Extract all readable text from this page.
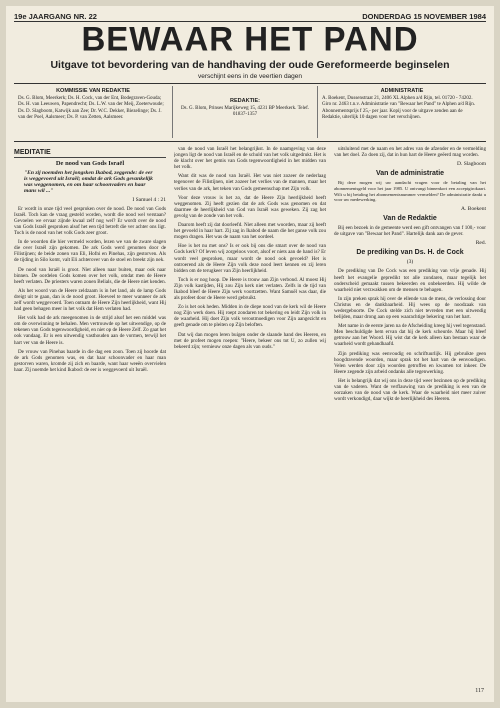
19e JAARGANG NR. 22	DONDERDAG 15 NOVEMBER 1984
BEWAAR HET PAND
Uitgave tot bevordering van de handhaving der oude Gereformeerde beginselen
verschijnt eens in de veertien dagen
KOMMISSIE VAN REDAKTIE
Ds. G. Blom, Meerkerk; Ds. H. Cock, van der Ent, Bodegraven-Gouda; Ds. H. van Leeuwen, Papendrecht; Ds. L.W. van der Meij, Zoeterwoude; Ds. D. Slagboom, Katwijk aan Zee; Dr. W.C. Dekker, Biezelinge; Ds. J. van der Poel, Aalsmeer; Ds. P. van Zetten, Aalsmeer.
REDAKTIE:
Ds. G. Blom, Prinses Marijkeweg 15, 4231 BP Meerkerk. Telef. 01837-1357
ADMINISTRATIE
A. Boekent, Dussenstraat 21, 2406 XL Alphen a/d Rijn, tel. 01720 - 74202. Giro nr. 2463 t.n.v. Administratie van "Bewaar het Pand" te Alphen a/d Rijn. Abonnementsprijs f 25,- per jaar. Kopij voor de uitgave zenden aan de Redaktie, uiterlijk 10 dagen voor het verschijnen.
MEDITATIE
De nood van Gods Israël
"En zij noemden het jongsken Ikabod, zeggende: de eer is weggevoerd uit Israël; omdat de ark Gods gevankelijk was weggenomen, en om haar schoonvaders en haar mans wil ..."
I Samuel 4 : 21

Er wordt in onze tijd veel gesproken over de nood. De nood van Gods Israël. Toch kan de vraag gesteld worden, wordt die nood wel verstaan? Gevoelen we ervaar zijnde kwaal zelf nog wel? Er wordt over de nood van Gods Israël gesproken alsof het een tijd betreft die ver achter ons ligt. Toch is de nood van het volk Gods zeer groot.

In de woorden die hier vermeld worden, lezen we van de zware slagen die over Israël zijn gekomen. De ark Gods werd genomen door de Filistijnen; de beide zonen van Eli, Hofni en Pinehas, zijn gestorven. Als de tijding in Silo komt, valt Eli achterover van de stoel en breekt zijn nek.

De nood van Israël is groot. Niet alleen naar buiten, maar ook naar binnen. De oordelen Gods komen over het volk, omdat men de Heere heeft verlaten. De priesters waren zonen Belials, die de Heere niet kenden.

Als het woord van de Heere zeldzaam is in het land, als de lamp Gods dreigt uit te gaan, dan is de nood groot. Hoeveel te meer wanneer de ark zelf wordt weggevoerd. Toen ontnam de Heere Zijn heerlijkheid, want Hij had geen behagen meer in het volk dat Hem verlaten had.

Het volk had de ark meegenomen in de strijd alsof het een middel was om de overwinning te behalen. Men vertrouwde op het uitwendige, op de tekenen van Gods tegenwoordigheid, en niet op de Heere Zelf. Zo gaat het ook vandaag. Er is een uitwendig vasthouden aan de vormen, terwijl het hart ver van de Heere is.

De vrouw van Pinehas baarde in die dag een zoon. Toen zij hoorde dat de ark Gods genomen was, en dat haar schoonvader en haar man gestorven waren, kromde zij zich en baarde, want haar weeën overvielen haar. Zij noemde het kind Ikabod: de eer is weggevoerd uit Israël.

van de nood van Israël het belangrijkst. In de naamgeving van deze jongen ligt de nood van Israël en de schuld van het volk uitgedrukt. Het is de klacht over het gemis van Gods tegenwoordigheid in het midden van het volk.

Want dit was de nood van Israël. Het was niet zozeer de nederlaag tegenover de Filistijnen, niet zozeer het verlies van de mannen, maar het verlies van de ark, het teken van Gods gemeenschap met Zijn volk.

Voor deze vrouw is het zo, dat de Heere Zijn heerlijkheid heeft weggenomen. Zij heeft gezien dat de ark Gods was genomen en dat daarmee de heerlijkheid van God van Israël was geweken. Zij zag het gevolg van de zonde van het volk.

Daarom heeft zij dat doorleefd. Niet alleen met woorden, maar zij heeft het gevoeld in haar hart. Zij zag in Ikabod de naam die het ganse volk zou mogen dragen. Het was de naam van het oordeel.

Hoe is het nu met ons? Is er ook bij ons die smart over de nood van Gods kerk? Of leven wij zorgeloos voort, alsof er niets aan de hand is? Er wordt veel gesproken, maar wordt de nood ook gevoeld? Het is ontroerend als de Heere Zijn volk deze nood leert kennen en zij leren bidden om de terugkeer van Zijn heerlijkheid.

Toch is er nog hoop. De Heere is trouw aan Zijn verbond. Al moest Hij Zijn volk kastijden, Hij zou Zijn kerk niet verlaten. Zelfs in de tijd van Ikabod bleef de Heere Zijn werk voortzetten. Want Samuël was daar, die als profeet door de Heere werd gebruikt.

Zo is het ook heden. Midden in de diepe nood van de kerk wil de Heere nog Zijn werk doen. Hij roept zondaren tot bekering en leidt Zijn volk in de waarheid. Hij doet Zijn volk verootmoedigen voor Zijn aangezicht en geeft genade om te pleiten op Zijn beloften.

Dat wij dan mogen leren buigen onder de slaande hand des Heeren, en met de profeet mogen roepen: "Heere, bekeer ons tot U, zo zullen wij bekeerd zijn; vernieuw onze dagen als van ouds."

uitsluitend met de naam en het adres van de afzender en de vermelding van het doel. Zo doen zij, dat in hun hart de Heere geëerd mag worden.

D. Slagboom
Van de administratie

Bij deze mogen wij uw aandacht vragen voor de betaling van het abonnementsgeld voor het jaar 1985. U ontvangt binnenkort een acceptgirokaart. Wilt u bij betaling het abonnementsnummer vermelden? De administratie dankt u voor uw medewerking.

A. Boekent
Van de Redaktie

Bij een bezoek in de gemeente werd een gift ontvangen van f 100,- voor de uitgave van "Bewaar het Pand". Hartelijk dank aan de gever.

Red.
De prediking van Ds. H. de Cock
(3)

De prediking van De Cock was een prediking van vrije genade. Hij heeft het evangelie gepredikt tot alle zondaren, maar tegelijk het onderscheid gemaakt tussen bekeerden en onbekeerden. Hij wilde de waarheid niet verzwakken om de mensen te behagen.

In zijn preken sprak hij over de ellende van de mens, de verlossing door Christus en de dankbaarheid. Hij wees op de noodzaak van wedergeboorte. De Cock stelde zich niet tevreden met een uitwendig belijden, maar drong aan op een waarachtige bekering van het hart.

Met name in de eerste jaren na de Afscheiding kreeg hij veel tegenstand. Men beschuldigde hem ervan dat hij de kerk scheurde. Maar hij bleef getrouw aan het Woord. Hij wist dat de kerk alleen kan bestaan waar de waarheid wordt gehandhaafd.

Zijn prediking was eenvoudig en schriftuurlijk. Hij gebruikte geen hoogdravende woorden, maar sprak tot het hart van de eenvoudigen. Velen werden door zijn woorden getroffen en kwamen tot inkeer. De Heere zegende zijn arbeid ondanks alle tegenwerking.

Het is belangrijk dat wij ons in deze tijd weer bezinnen op de prediking van de vaderen. Want de verflauwing van de prediking is een van de oorzaken van de nood van de kerk. Waar de waarheid niet meer zuiver wordt verkondigd, daar wijkt de heerlijkheid des Heeren.

117
